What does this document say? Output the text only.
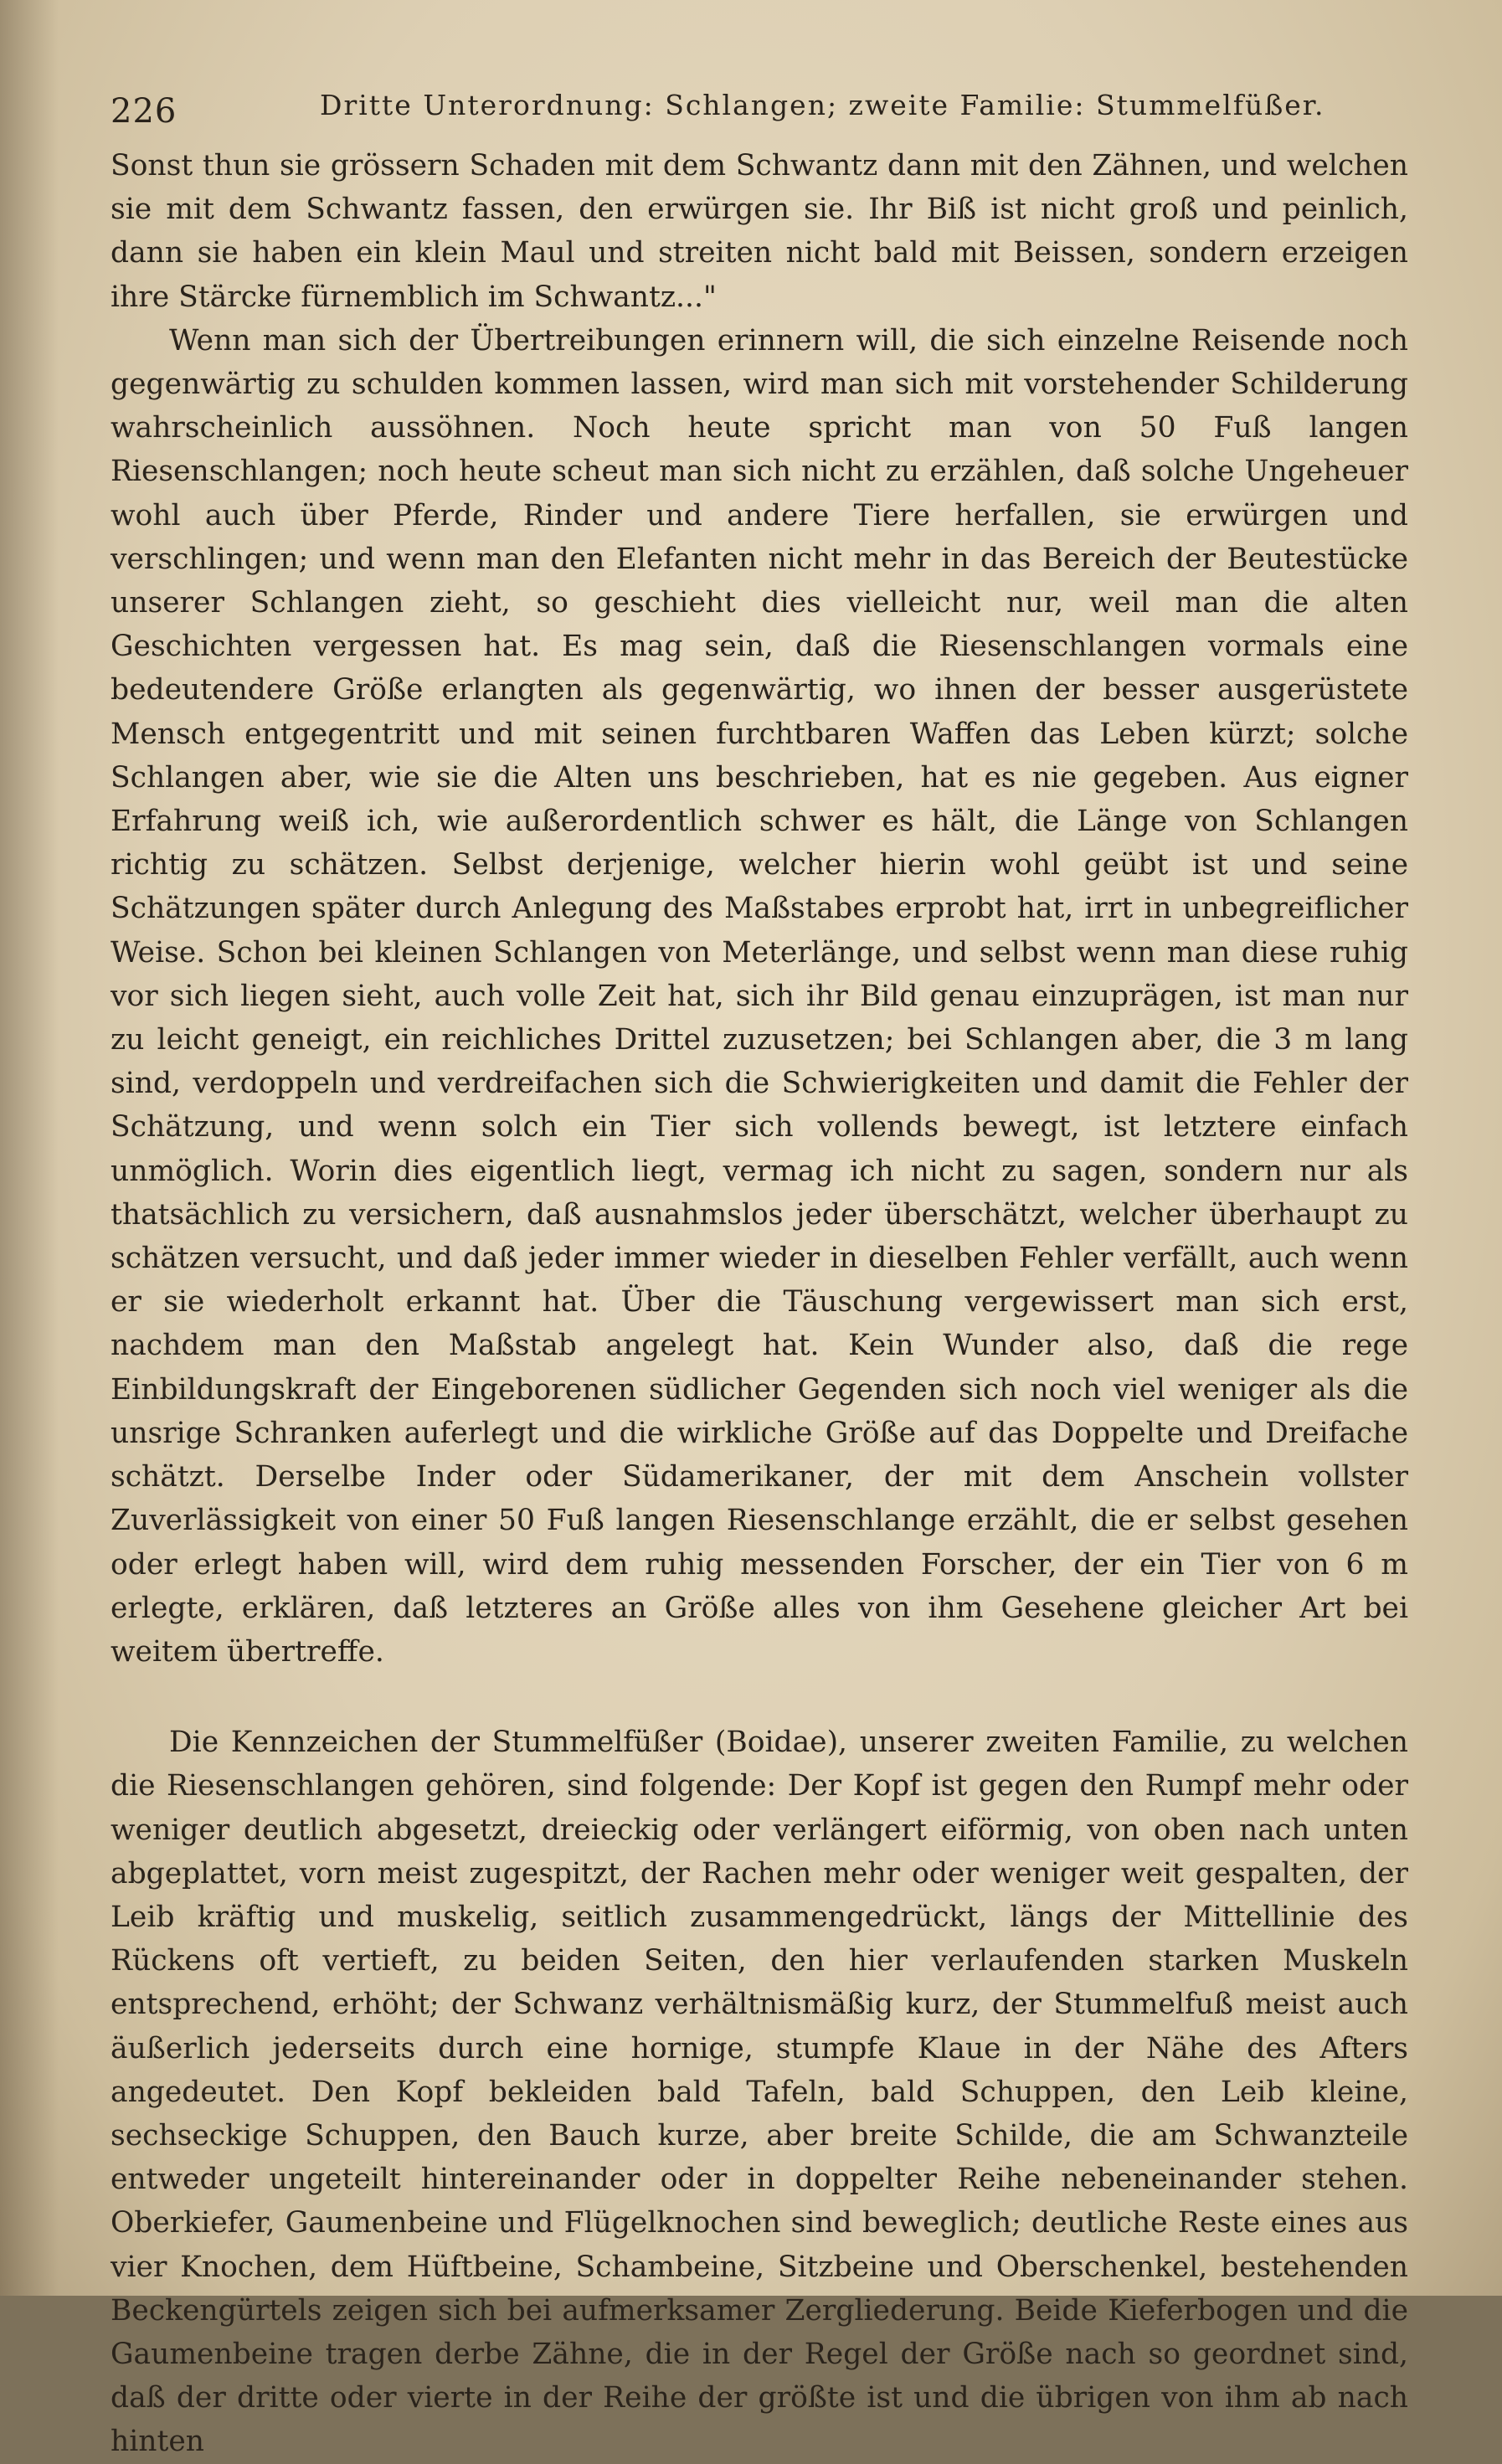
226	Dritte Unterordnung: Schlangen; zweite Familie: Stummelfüßer.

Sonst thun sie grössern Schaden mit dem Schwantz dann mit den Zähnen, und welchen sie mit dem Schwantz fassen, den erwürgen sie. Ihr Biß ist nicht groß und peinlich, dann sie haben ein klein Maul und streiten nicht bald mit Beissen, sondern erzeigen ihre Stärcke fürnemblich im Schwantz..."

Wenn man sich der Übertreibungen erinnern will, die sich einzelne Reisende noch gegenwärtig zu schulden kommen lassen, wird man sich mit vorstehender Schilderung wahrscheinlich aussöhnen. Noch heute spricht man von 50 Fuß langen Riesenschlangen; noch heute scheut man sich nicht zu erzählen, daß solche Ungeheuer wohl auch über Pferde, Rinder und andere Tiere herfallen, sie erwürgen und verschlingen; und wenn man den Elefanten nicht mehr in das Bereich der Beutestücke unserer Schlangen zieht, so geschieht dies vielleicht nur, weil man die alten Geschichten vergessen hat. Es mag sein, daß die Riesenschlangen vormals eine bedeutendere Größe erlangten als gegenwärtig, wo ihnen der besser ausgerüstete Mensch entgegentritt und mit seinen furchtbaren Waffen das Leben kürzt; solche Schlangen aber, wie sie die Alten uns beschrieben, hat es nie gegeben. Aus eigner Erfahrung weiß ich, wie außerordentlich schwer es hält, die Länge von Schlangen richtig zu schätzen. Selbst derjenige, welcher hierin wohl geübt ist und seine Schätzungen später durch Anlegung des Maßstabes erprobt hat, irrt in unbegreiflicher Weise. Schon bei kleinen Schlangen von Meterlänge, und selbst wenn man diese ruhig vor sich liegen sieht, auch volle Zeit hat, sich ihr Bild genau einzuprägen, ist man nur zu leicht geneigt, ein reichliches Drittel zuzusetzen; bei Schlangen aber, die 3 m lang sind, verdoppeln und verdreifachen sich die Schwierigkeiten und damit die Fehler der Schätzung, und wenn solch ein Tier sich vollends bewegt, ist letztere einfach unmöglich. Worin dies eigentlich liegt, vermag ich nicht zu sagen, sondern nur als thatsächlich zu versichern, daß ausnahmslos jeder überschätzt, welcher überhaupt zu schätzen versucht, und daß jeder immer wieder in dieselben Fehler verfällt, auch wenn er sie wiederholt erkannt hat. Über die Täuschung vergewissert man sich erst, nachdem man den Maßstab angelegt hat. Kein Wunder also, daß die rege Einbildungskraft der Eingeborenen südlicher Gegenden sich noch viel weniger als die unsrige Schranken auferlegt und die wirkliche Größe auf das Doppelte und Dreifache schätzt. Derselbe Inder oder Südamerikaner, der mit dem Anschein vollster Zuverlässigkeit von einer 50 Fuß langen Riesenschlange erzählt, die er selbst gesehen oder erlegt haben will, wird dem ruhig messenden Forscher, der ein Tier von 6 m erlegte, erklären, daß letzteres an Größe alles von ihm Gesehene gleicher Art bei weitem übertreffe.

Die Kennzeichen der Stummelfüßer (Boidae), unserer zweiten Familie, zu welchen die Riesenschlangen gehören, sind folgende: Der Kopf ist gegen den Rumpf mehr oder weniger deutlich abgesetzt, dreieckig oder verlängert eiförmig, von oben nach unten abgeplattet, vorn meist zugespitzt, der Rachen mehr oder weniger weit gespalten, der Leib kräftig und muskelig, seitlich zusammengedrückt, längs der Mittellinie des Rückens oft vertieft, zu beiden Seiten, den hier verlaufenden starken Muskeln entsprechend, erhöht; der Schwanz verhältnismäßig kurz, der Stummelfuß meist auch äußerlich jederseits durch eine hornige, stumpfe Klaue in der Nähe des Afters angedeutet. Den Kopf bekleiden bald Tafeln, bald Schuppen, den Leib kleine, sechseckige Schuppen, den Bauch kurze, aber breite Schilde, die am Schwanzteile entweder ungeteilt hintereinander oder in doppelter Reihe nebeneinander stehen. Oberkiefer, Gaumenbeine und Flügelknochen sind beweglich; deutliche Reste eines aus vier Knochen, dem Hüftbeine, Schambeine, Sitzbeine und Oberschenkel, bestehenden Beckengürtels zeigen sich bei aufmerksamer Zergliederung. Beide Kieferbogen und die Gaumenbeine tragen derbe Zähne, die in der Regel der Größe nach so geordnet sind, daß der dritte oder vierte in der Reihe der größte ist und die übrigen von ihm ab nach hinten
